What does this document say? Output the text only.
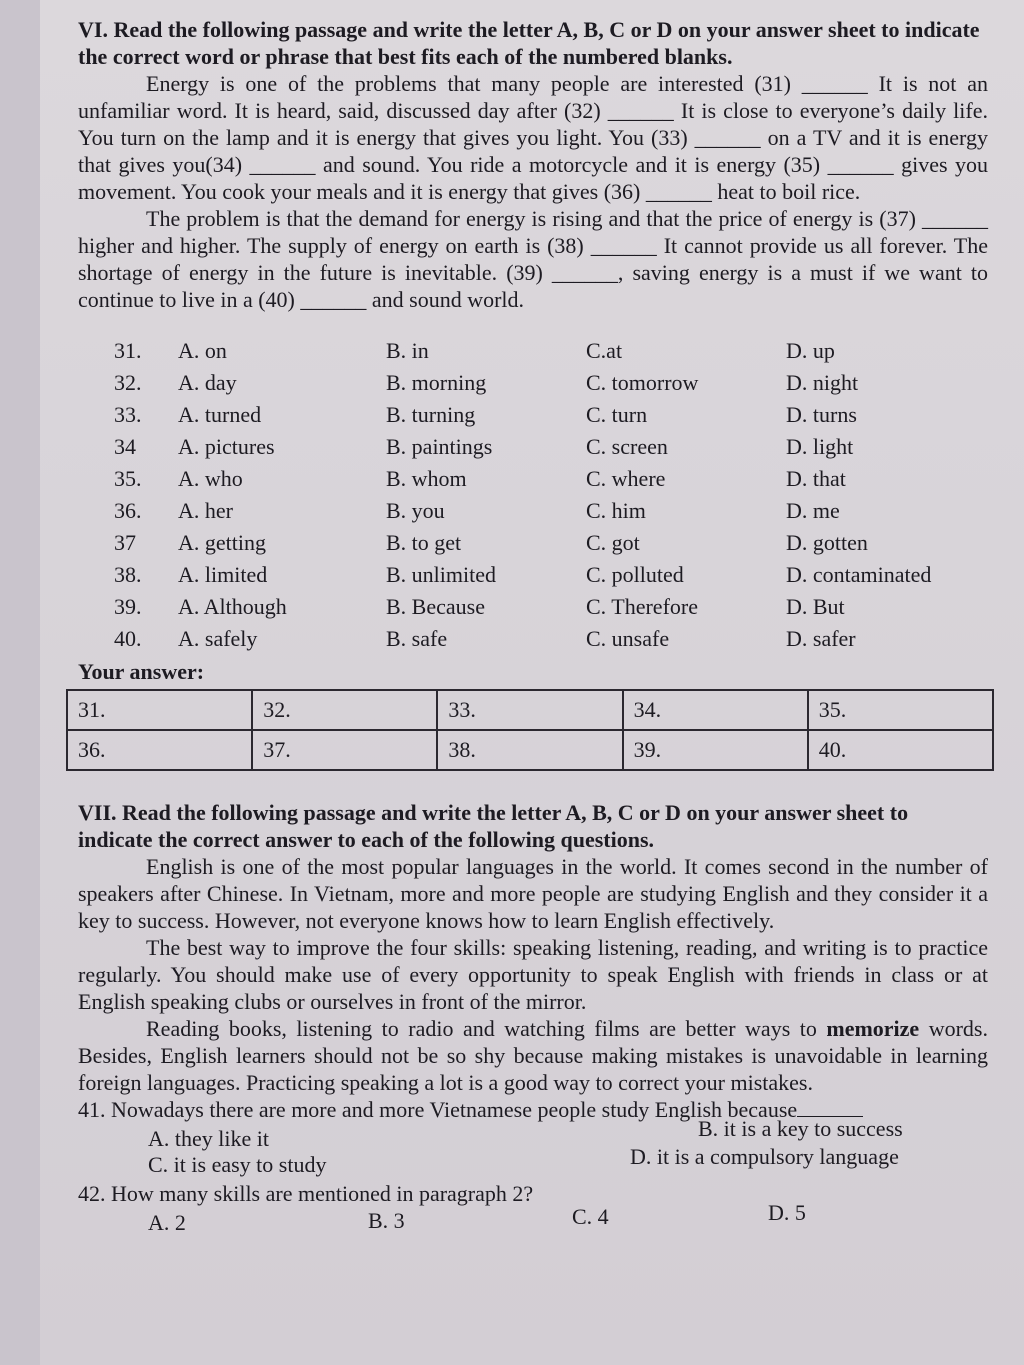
VI. Read the following passage and write the letter A, B, C or D on your answer sheet to indicate the correct word or phrase that best fits each of the numbered blanks.

Energy is one of the problems that many people are interested (31) ______ It is not an unfamiliar word. It is heard, said, discussed day after (32) ______ It is close to everyone’s daily life. You turn on the lamp and it is energy that gives you light. You (33) ______ on a TV and it is energy that gives you(34) ______ and sound. You ride a motorcycle and it is energy (35) ______ gives you movement. You cook your meals and it is energy that gives (36) ______ heat to boil rice.

The problem is that the demand for energy is rising and that the price of energy is (37) ______ higher and higher. The supply of energy on earth is (38) ______ It cannot provide us all forever. The shortage of energy in the future is inevitable. (39) ______, saving energy is a must if we want to continue to live in a (40) ______ and sound world.

31.	A. on	B. in	C.at	D. up
32.	A. day	B. morning	C. tomorrow	D. night
33.	A. turned	B. turning	C. turn	D. turns
34	A. pictures	B. paintings	C. screen	D. light
35.	A. who	B. whom	C. where	D. that
36.	A. her	B. you	C. him	D. me
37	A. getting	B. to get	C. got	D. gotten
38.	A. limited	B. unlimited	C. polluted	D. contaminated
39.	A. Although	B. Because	C. Therefore	D. But
40.	A. safely	B. safe	C. unsafe	D. safer
Your answer:
31.	32.	33.	34.	35.
36.	37.	38.	39.	40.

VII. Read the following passage and write the letter A, B, C or D on your answer sheet to indicate the correct answer to each of the following questions.

English is one of the most popular languages in the world. It comes second in the number of speakers after Chinese. In Vietnam, more and more people are studying English and they consider it a key to success. However, not everyone knows how to learn English effectively.

The best way to improve the four skills: speaking listening, reading, and writing is to practice regularly. You should make use of every opportunity to speak English with friends in class or at English speaking clubs or ourselves in front of the mirror.

Reading books, listening to radio and watching films are better ways to memorize words. Besides, English learners should not be so shy because making mistakes is unavoidable in learning foreign languages. Practicing speaking a lot is a good way to correct your mistakes.

41. Nowadays there are more and more Vietnamese people study English because
A. they like it	B. it is a key to success
C. it is easy to study	D. it is a compulsory language
42. How many skills are mentioned in paragraph 2?
A. 2	B. 3	C. 4	D. 5
